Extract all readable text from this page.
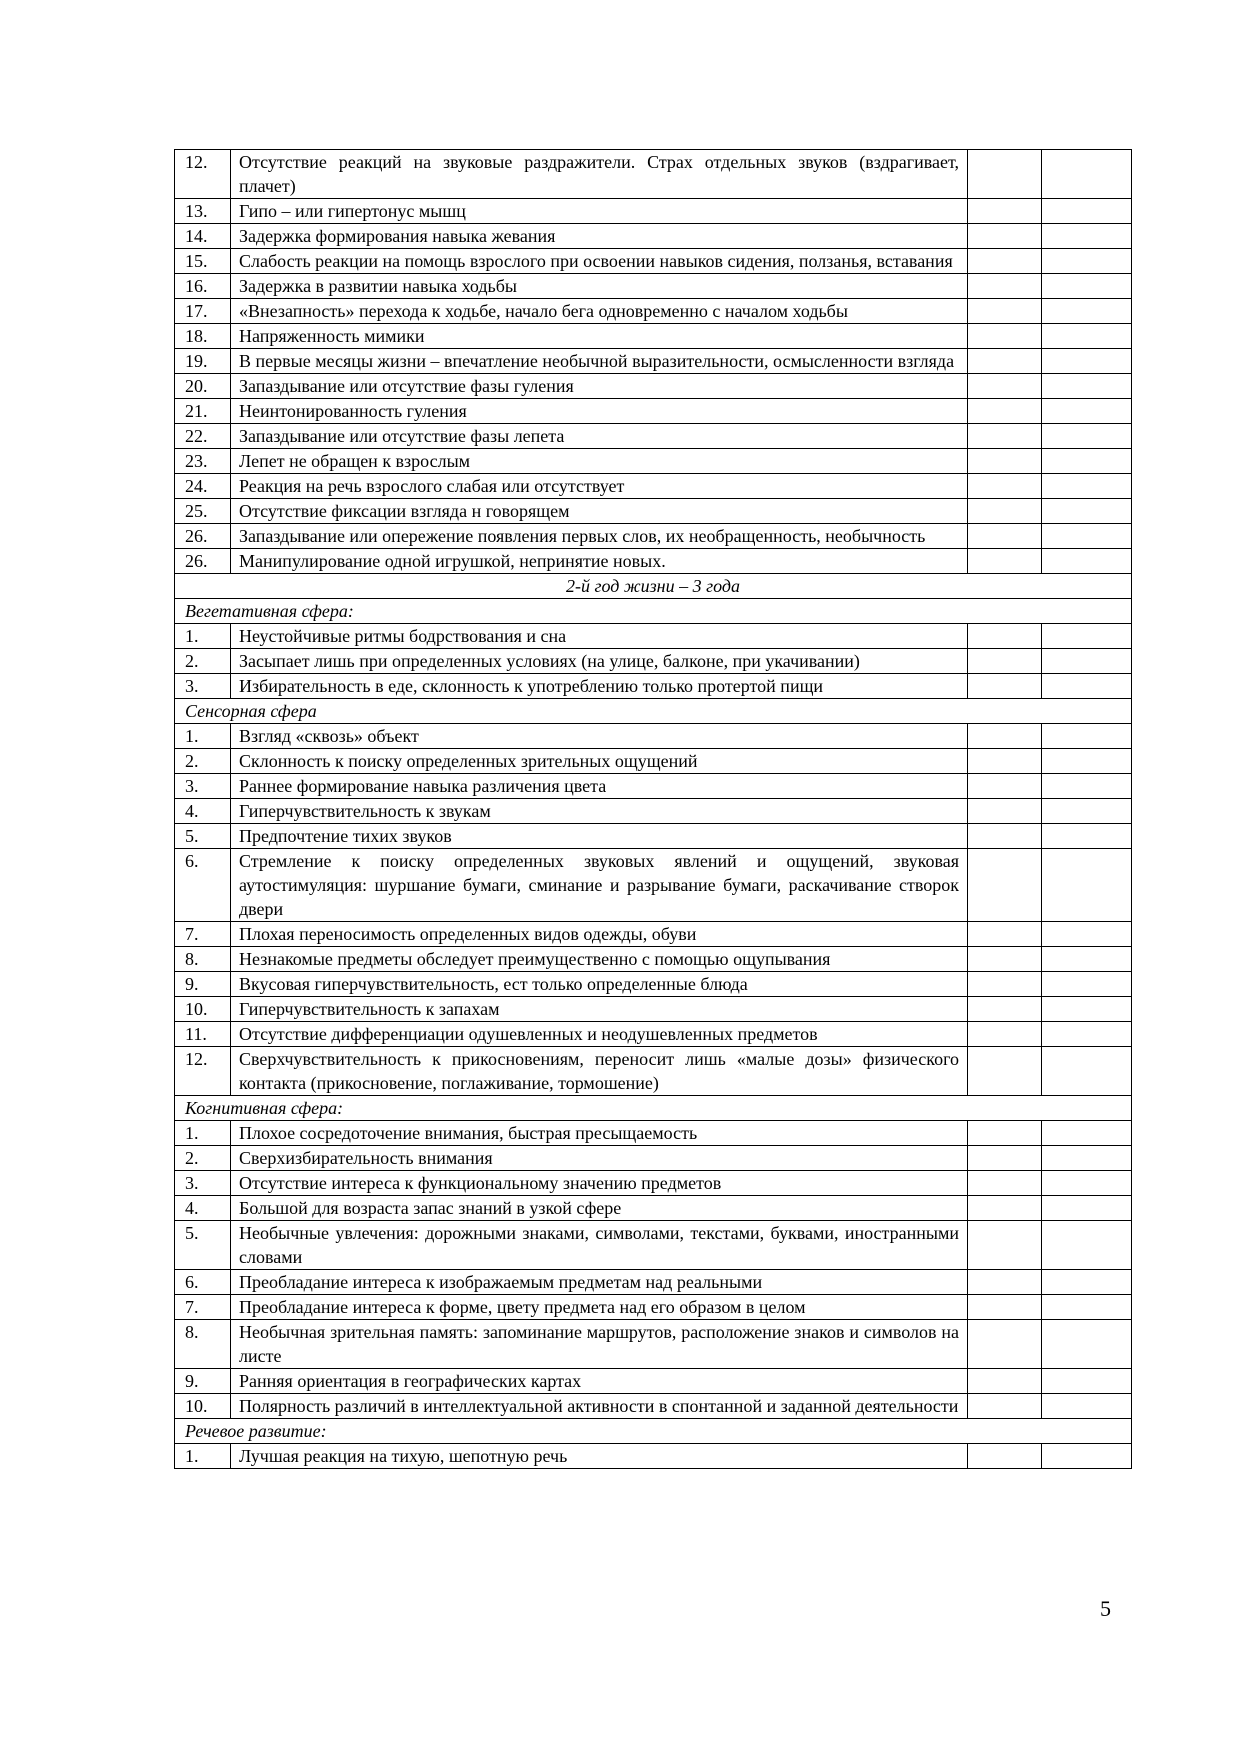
12.	Отсутствие реакций на звуковые раздражители. Страх отдельных звуков (вздрагивает, плачет)		
13.	Гипо – или гипертонус мышц		
14.	Задержка формирования навыка жевания		
15.	Слабость реакции на помощь взрослого при освоении навыков сидения, ползанья, вставания		
16.	Задержка в развитии навыка ходьбы		
17.	«Внезапность» перехода к ходьбе, начало бега одновременно с началом ходьбы		
18.	Напряженность мимики		
19.	В первые месяцы жизни – впечатление необычной выразительности, осмысленности взгляда		
20.	Запаздывание или отсутствие фазы гуления		
21.	Неинтонированность гуления		
22.	Запаздывание или отсутствие фазы лепета		
23.	Лепет не обращен к взрослым		
24.	Реакция на речь взрослого слабая или отсутствует		
25.	Отсутствие фиксации взгляда н говорящем		
26.	Запаздывание или опережение появления первых слов, их необращенность, необычность		
26.	Манипулирование одной игрушкой, непринятие новых.		
2-й год жизни – 3 года			
Вегетативная сфера:			
1.	Неустойчивые ритмы бодрствования и сна		
2.	Засыпает лишь при определенных условиях (на улице, балконе, при укачивании)		
3.	Избирательность в еде, склонность к употреблению только протертой пищи		
Сенсорная сфера			
1.	Взгляд «сквозь» объект		
2.	Склонность к поиску определенных зрительных ощущений		
3.	Раннее формирование навыка различения цвета		
4.	Гиперчувствительность к звукам		
5.	Предпочтение тихих звуков		
6.	Стремление к поиску определенных звуковых явлений и ощущений, звуковая аутостимуляция: шуршание бумаги, сминание и разрывание бумаги, раскачивание створок двери		
7.	Плохая переносимость определенных видов одежды, обуви		
8.	Незнакомые предметы обследует преимущественно с помощью ощупывания		
9.	Вкусовая гиперчувствительность, ест только определенные блюда		
10.	Гиперчувствительность к запахам		
11.	Отсутствие дифференциации одушевленных и неодушевленных предметов		
12.	Сверхчувствительность к прикосновениям, переносит лишь «малые дозы» физического контакта (прикосновение, поглаживание, тормошение)		
Когнитивная сфера:			
1.	Плохое сосредоточение внимания, быстрая пресыщаемость		
2.	Сверхизбирательность внимания		
3.	Отсутствие интереса к функциональному значению предметов		
4.	Большой для возраста запас знаний в узкой сфере		
5.	Необычные увлечения: дорожными знаками, символами, текстами, буквами, иностранными словами		
6.	Преобладание интереса к изображаемым предметам над реальными		
7.	Преобладание интереса к форме, цвету предмета над его образом в целом		
8.	Необычная зрительная память: запоминание маршрутов, расположение знаков и символов на листе		
9.	Ранняя ориентация в географических картах		
10.	Полярность различий в интеллектуальной активности в спонтанной и заданной деятельности		
Речевое развитие:			
1.	Лучшая реакция на тихую, шепотную речь		
5
